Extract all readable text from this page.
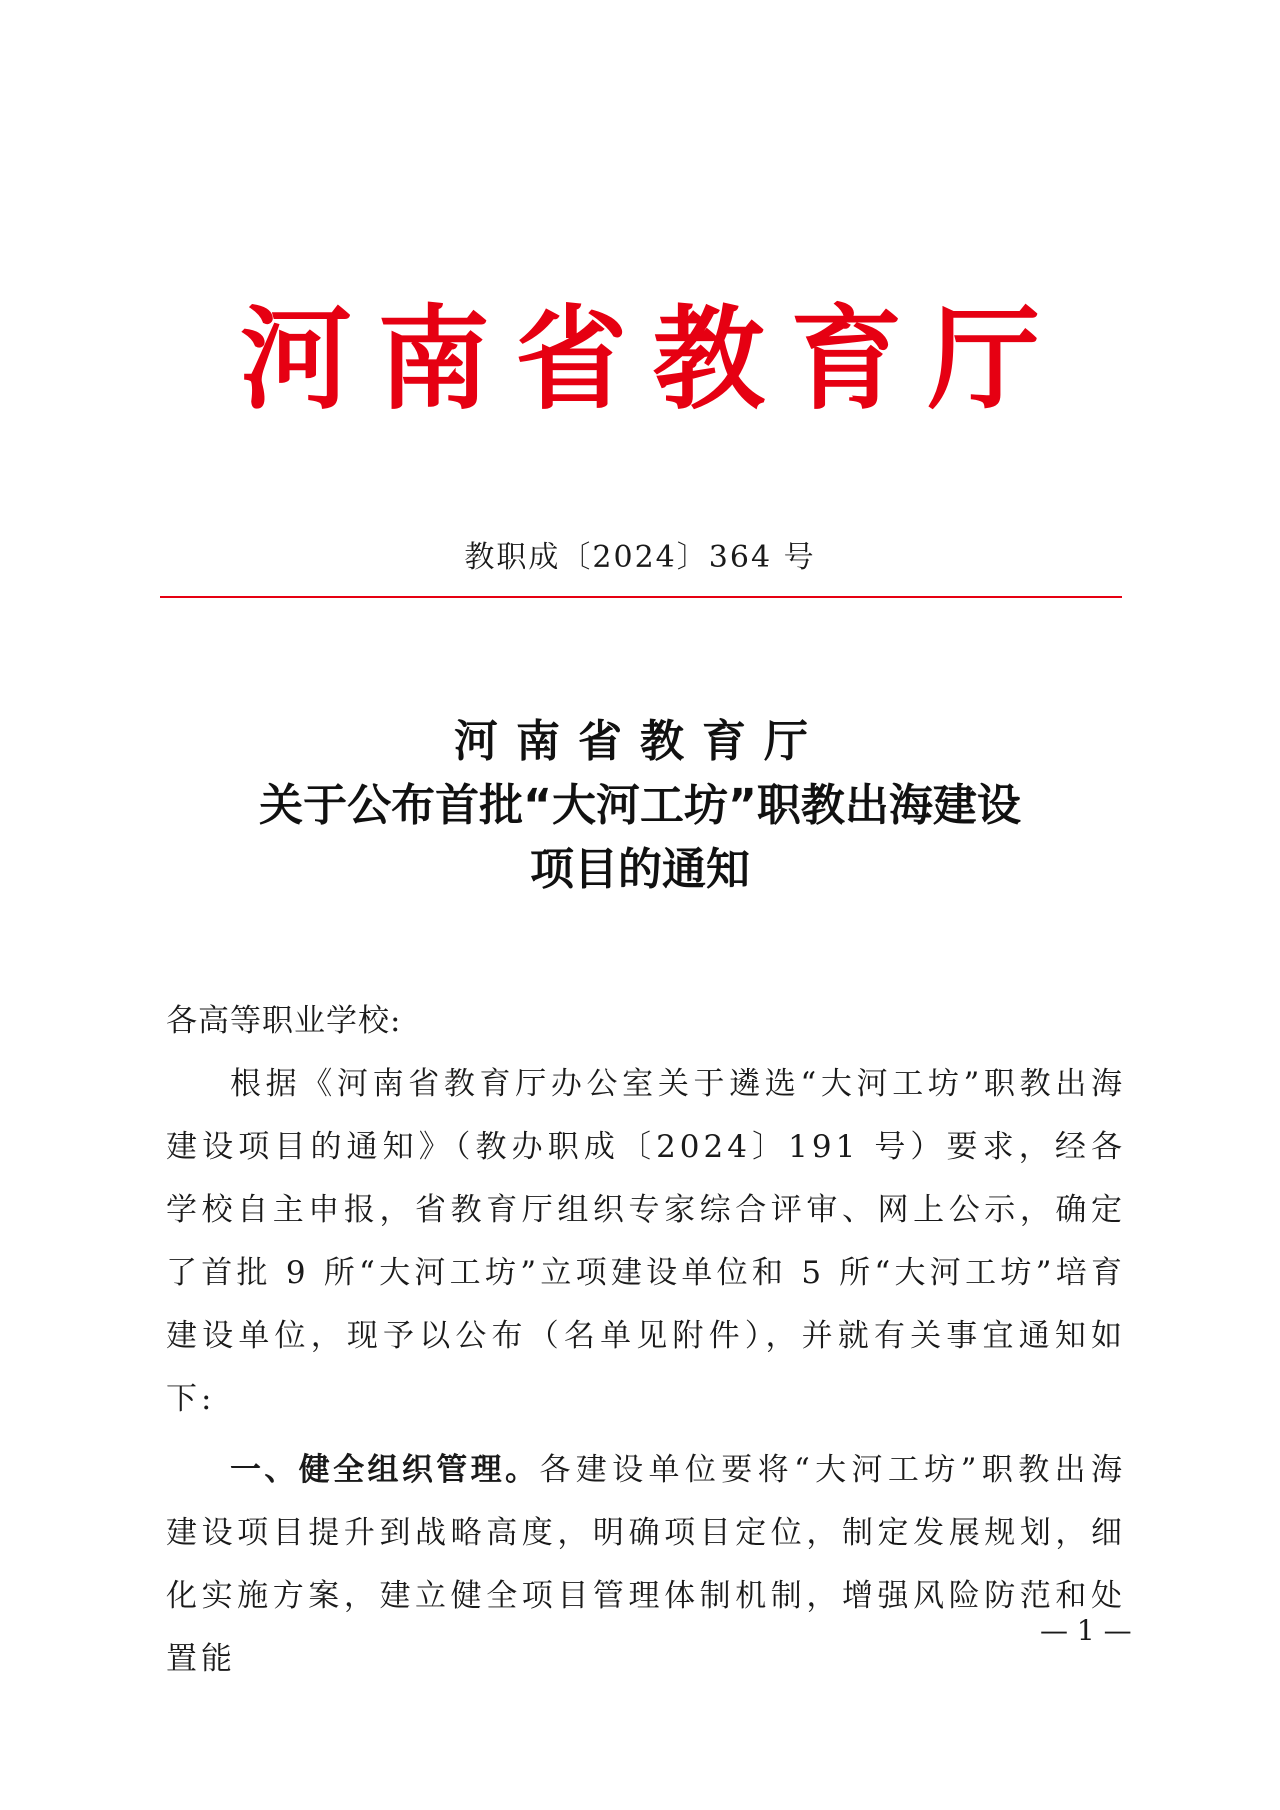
河 南 省 教 育 厅
教职成〔2024〕364 号
河南省教育厅
关于公布首批“大河工坊”职教出海建设
项目的通知

各高等职业学校:

根据《河南省教育厅办公室关于遴选“大河工坊”职教出海建设项目的通知》（教办职成〔2024〕191 号）要求，经各学校自主申报，省教育厅组织专家综合评审、网上公示，确定了首批 9 所“大河工坊”立项建设单位和 5 所“大河工坊”培育建设单位，现予以公布（名单见附件），并就有关事宜通知如下:

一、健全组织管理。各建设单位要将“大河工坊”职教出海建设项目提升到战略高度，明确项目定位，制定发展规划，细化实施方案，建立健全项目管理体制机制，增强风险防范和处置能

— 1 —
